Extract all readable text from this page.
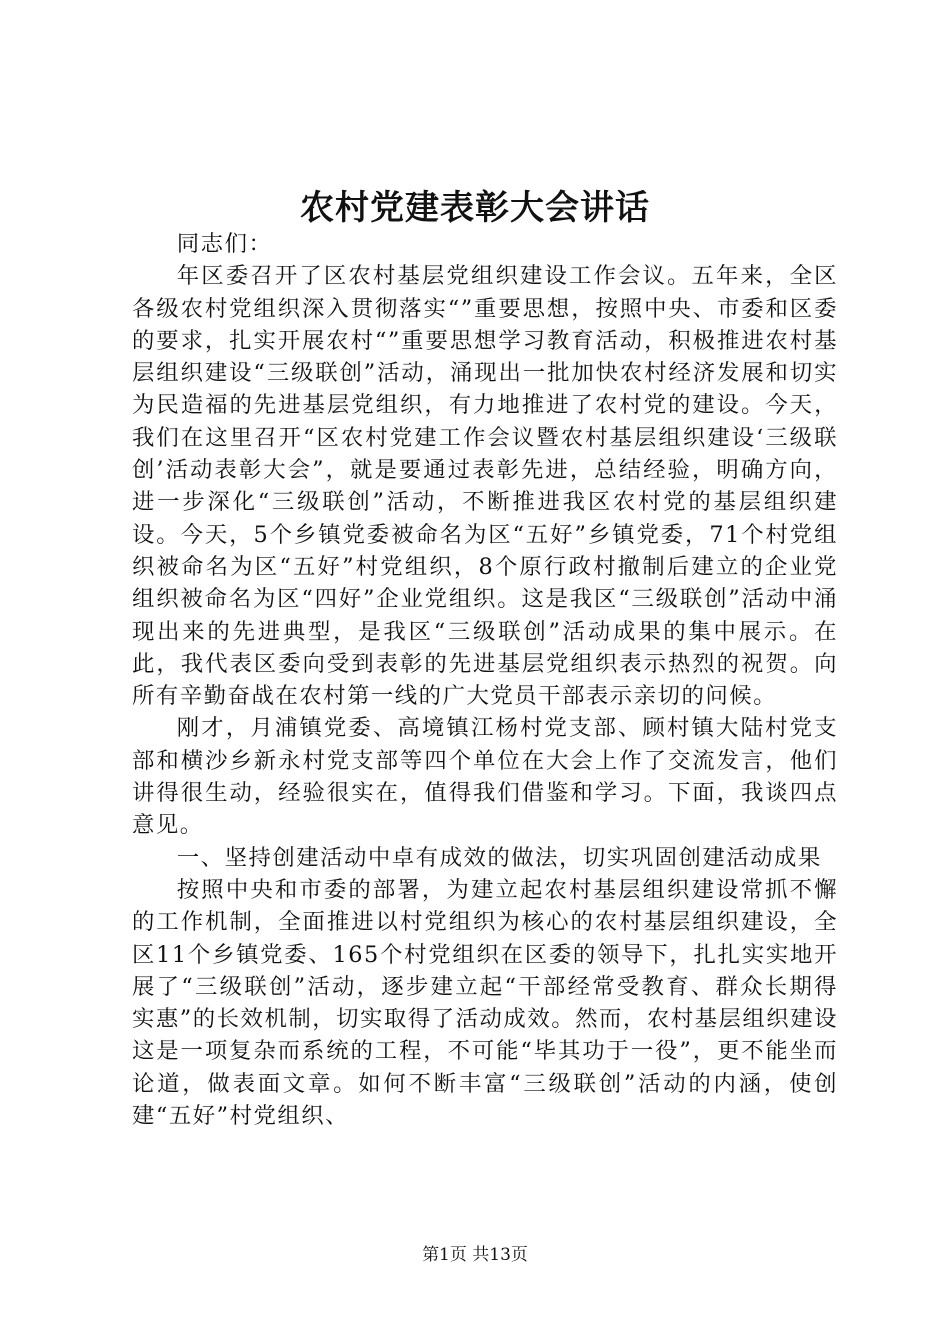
农村党建表彰大会讲话

同志们：

年区委召开了区农村基层党组织建设工作会议。五年来，全区各级农村党组织深入贯彻落实“”重要思想，按照中央、市委和区委的要求，扎实开展农村“”重要思想学习教育活动，积极推进农村基层组织建设“三级联创”活动，涌现出一批加快农村经济发展和切实为民造福的先进基层党组织，有力地推进了农村党的建设。今天，我们在这里召开“区农村党建工作会议暨农村基层组织建设‘三级联创’活动表彰大会”，就是要通过表彰先进，总结经验，明确方向，进一步深化“三级联创”活动，不断推进我区农村党的基层组织建设。今天，5个乡镇党委被命名为区“五好”乡镇党委，71个村党组织被命名为区“五好”村党组织，8个原行政村撤制后建立的企业党组织被命名为区“四好”企业党组织。这是我区“三级联创”活动中涌现出来的先进典型，是我区“三级联创”活动成果的集中展示。在此，我代表区委向受到表彰的先进基层党组织表示热烈的祝贺。向所有辛勤奋战在农村第一线的广大党员干部表示亲切的问候。

刚才，月浦镇党委、高境镇江杨村党支部、顾村镇大陆村党支部和横沙乡新永村党支部等四个单位在大会上作了交流发言，他们讲得很生动，经验很实在，值得我们借鉴和学习。下面，我谈四点意见。

一、坚持创建活动中卓有成效的做法，切实巩固创建活动成果

按照中央和市委的部署，为建立起农村基层组织建设常抓不懈的工作机制，全面推进以村党组织为核心的农村基层组织建设，全区11个乡镇党委、165个村党组织在区委的领导下，扎扎实实地开展了“三级联创”活动，逐步建立起“干部经常受教育、群众长期得实惠”的长效机制，切实取得了活动成效。然而，农村基层组织建设这是一项复杂而系统的工程，不可能“毕其功于一役”，更不能坐而论道，做表面文章。如何不断丰富“三级联创”活动的内涵，使创建“五好”村党组织、

第1页 共13页
